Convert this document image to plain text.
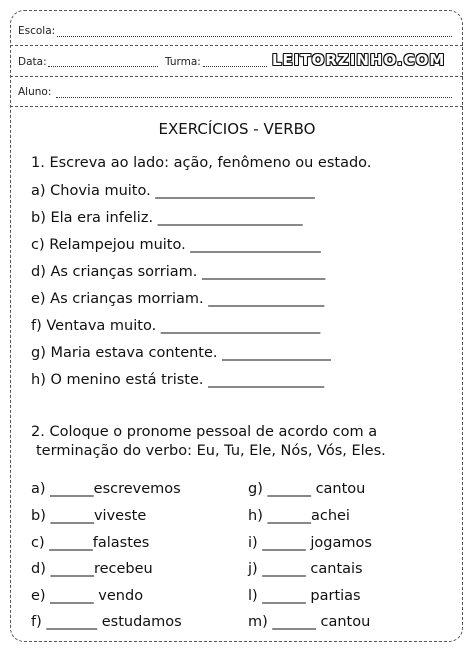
Escola:
Data:	Turma:	LEITORZINHO.COM
Aluno:
EXERCÍCIOS - VERBO
1. Escreva ao lado: ação, fenômeno ou estado.
a) Chovia muito. ______________________
b) Ela era infeliz. ____________________
c) Relampejou muito. __________________
d) As crianças sorriam. _________________
e) As crianças morriam. ________________
f) Ventava muito. ______________________
g) Maria estava contente. _______________
h) O menino está triste. ________________
2. Coloque o pronome pessoal de acordo com a
terminação do verbo: Eu, Tu, Ele, Nós, Vós, Eles.
a) ______escrevemos
b) ______viveste
c) ______falastes
d) ______recebeu
e) ______ vendo
f) _______ estudamos
g) ______ cantou
h) ______achei
i) ______ jogamos
j) ______ cantais
l) ______ partias
m) ______ cantou
